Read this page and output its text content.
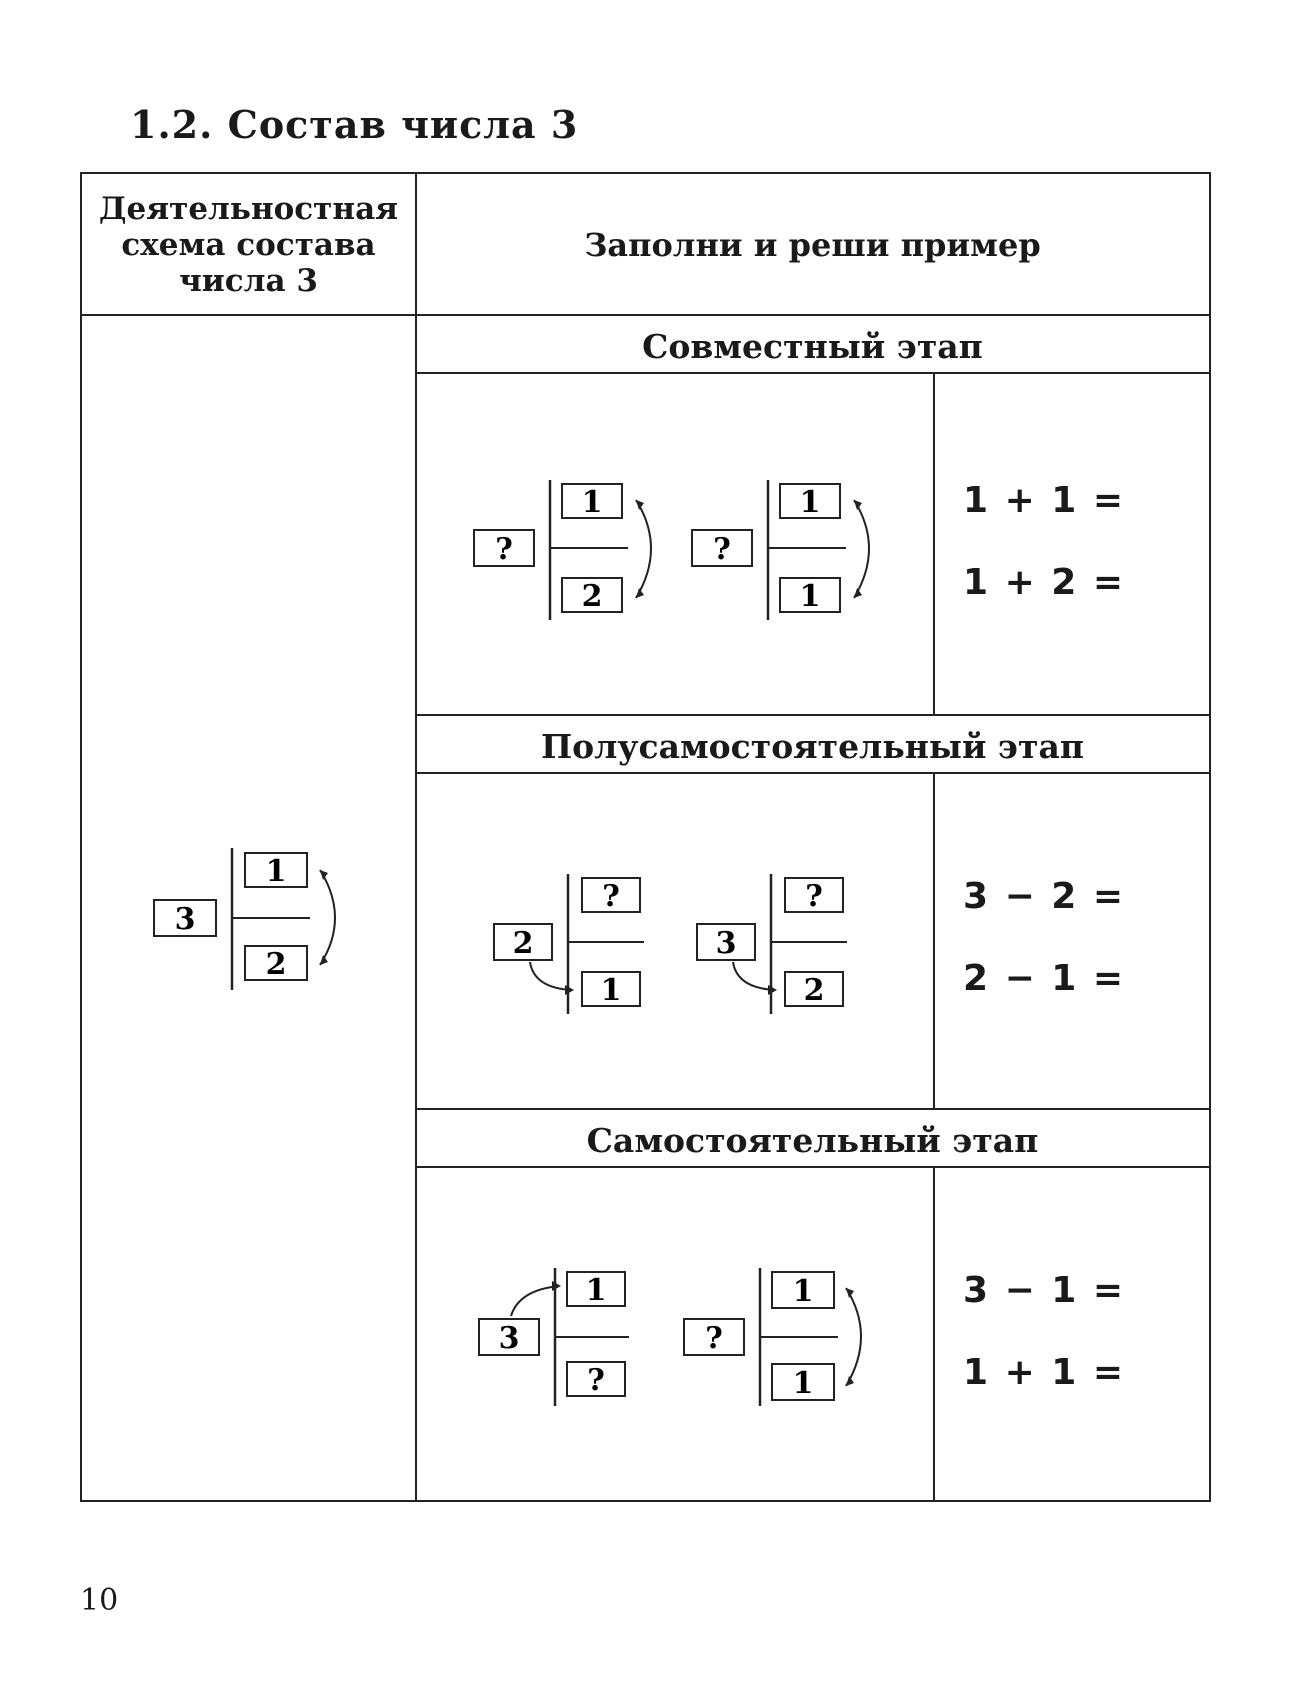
1.2. Состав числа 3
Деятельностная схема состава числа 3
Заполни и реши пример
Совместный этап
Полусамостоятельный этап
Самостоятельный этап
3
1
2
?
1
2
?
1
1
1 + 1 =
1 + 2 =
2
?
1
3
?
2
3 − 2 =
2 − 1 =
3
1
?
?
1
1
3 − 1 =
1 + 1 =
10
